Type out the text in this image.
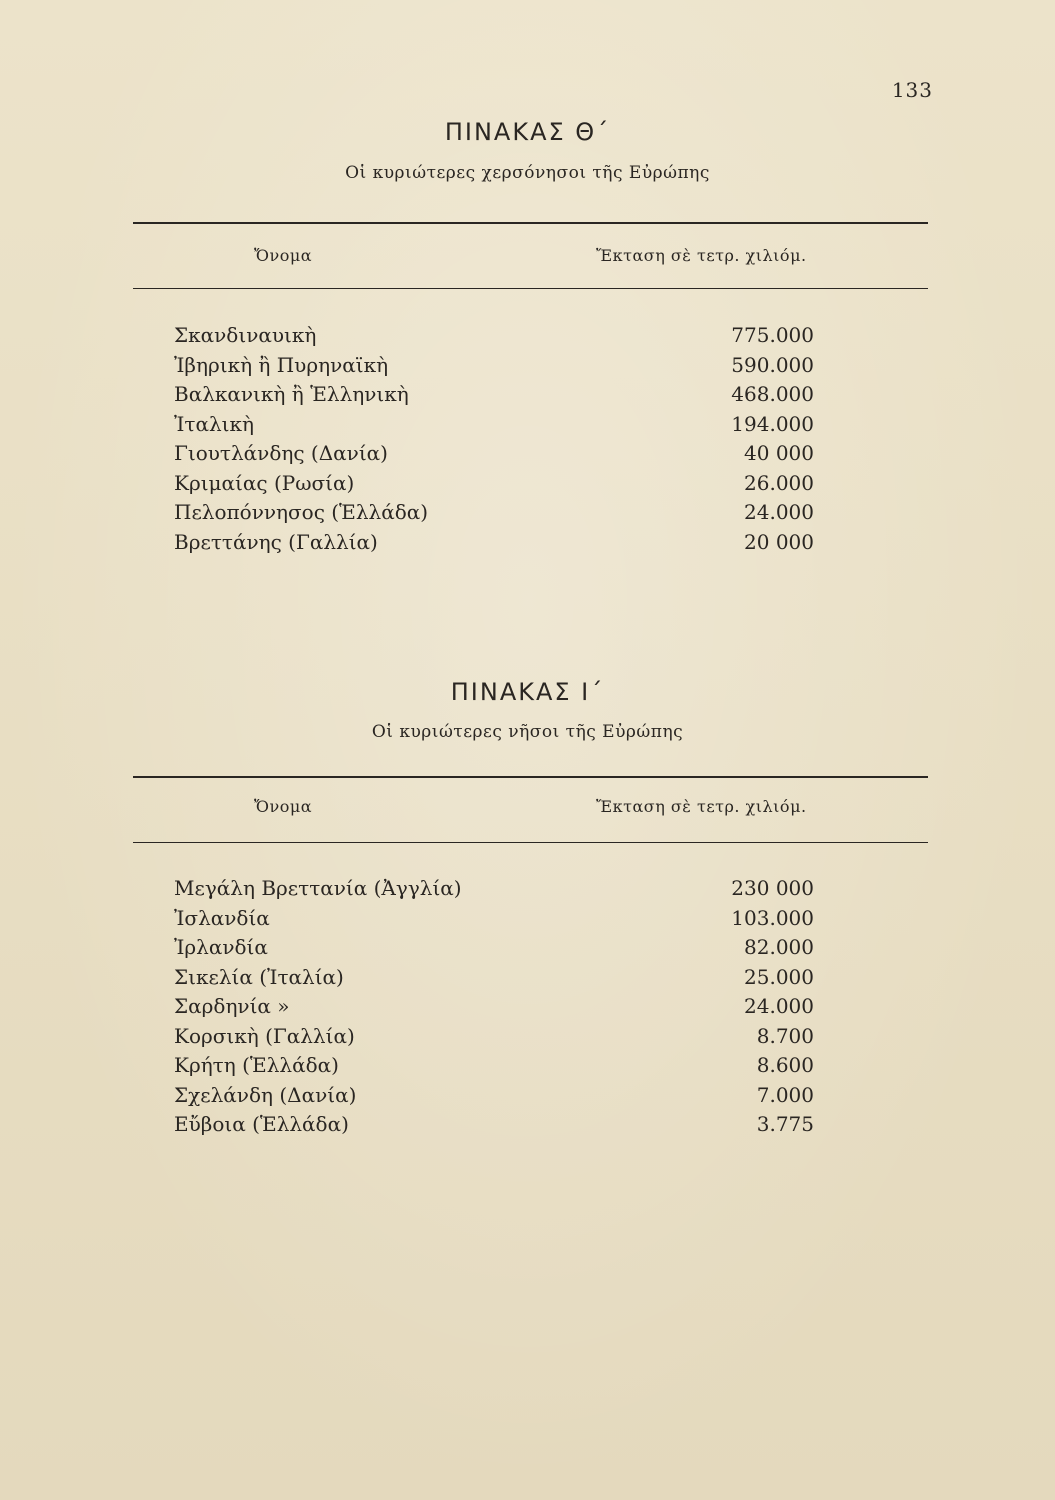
133
ΠΙΝΑΚΑΣ Θ΄
Οἱ κυριώτερες χερσόνησοι τῆς Εὐρώπης
Ὄνομα	Ἔκταση σὲ τετρ. χιλιόμ.
Σκανδιναυικὴ	775.000
Ἰβηρικὴ ἢ Πυρηναϊκὴ	590.000
Βαλκανικὴ ἢ Ἑλληνικὴ	468.000
Ἰταλικὴ	194.000
Γιουτλάνδης (Δανία)	40 000
Κριμαίας (Ρωσία)	26.000
Πελοπόννησος (Ἑλλάδα)	24.000
Βρεττάνης (Γαλλία)	20 000
ΠΙΝΑΚΑΣ Ι΄
Οἱ κυριώτερες νῆσοι τῆς Εὐρώπης
Ὄνομα	Ἔκταση σὲ τετρ. χιλιόμ.
Μεγάλη Βρεττανία (Ἀγγλία)	230 000
Ἰσλανδία	103.000
Ἰρλανδία	82.000
Σικελία (Ἰταλία)	25.000
Σαρδηνία »	24.000
Κορσικὴ (Γαλλία)	8.700
Κρήτη (Ἑλλάδα)	8.600
Σχελάνδη (Δανία)	7.000
Εὔβοια (Ἑλλάδα)	3.775
